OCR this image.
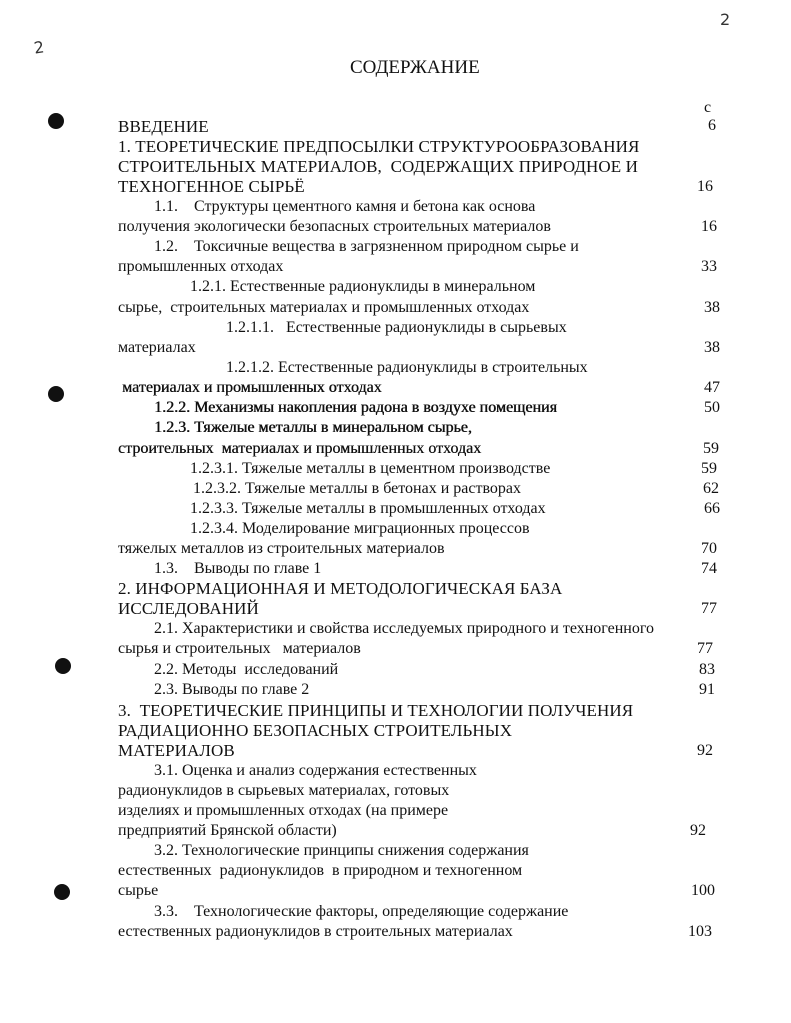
2
2
СОДЕРЖАНИЕ
с
ВВЕДЕНИЕ	6
1. ТЕОРЕТИЧЕСКИЕ ПРЕДПОСЫЛКИ СТРУКТУРООБРАЗОВАНИЯ
СТРОИТЕЛЬНЫХ МАТЕРИАЛОВ,  СОДЕРЖАЩИХ ПРИРОДНОЕ И
ТЕХНОГЕННОЕ СЫРЬЁ	16
1.1.    Структуры цементного камня и бетона как основа
получения экологически безопасных строительных материалов	16
1.2.    Токсичные вещества в загрязненном природном сырье и
промышленных отходах	33
1.2.1. Естественные радионуклиды в минеральном
сырье,  строительных материалах и промышленных отходах	38
1.2.1.1.   Естественные радионуклиды в сырьевых
материалах	38
1.2.1.2. Естественные радионуклиды в строительных
материалах и промышленных отходах	47
1.2.2. Механизмы накопления радона в воздухе помещения	50
1.2.3. Тяжелые металлы в минеральном сырье,
строительных  материалах и промышленных отходах	59
1.2.3.1. Тяжелые металлы в цементном производстве	59
1.2.3.2. Тяжелые металлы в бетонах и растворах	62
1.2.3.3. Тяжелые металлы в промышленных отходах	66
1.2.3.4. Моделирование миграционных процессов
тяжелых металлов из строительных материалов	70
1.3.    Выводы по главе 1	74
2. ИНФОРМАЦИОННАЯ И МЕТОДОЛОГИЧЕСКАЯ БАЗА
ИССЛЕДОВАНИЙ	77
2.1. Характеристики и свойства исследуемых природного и техногенного
сырья и строительных   материалов	77
2.2. Методы  исследований	83
2.3. Выводы по главе 2	91
3.  ТЕОРЕТИЧЕСКИЕ ПРИНЦИПЫ И ТЕХНОЛОГИИ ПОЛУЧЕНИЯ
РАДИАЦИОННО БЕЗОПАСНЫХ СТРОИТЕЛЬНЫХ
МАТЕРИАЛОВ	92
3.1. Оценка и анализ содержания естественных
радионуклидов в сырьевых материалах, готовых
изделиях и промышленных отходах (на примере
предприятий Брянской области)	92
3.2. Технологические принципы снижения содержания
естественных  радионуклидов  в природном и техногенном
сырье	100
3.3.    Технологические факторы, определяющие содержание
естественных радионуклидов в строительных материалах	103
